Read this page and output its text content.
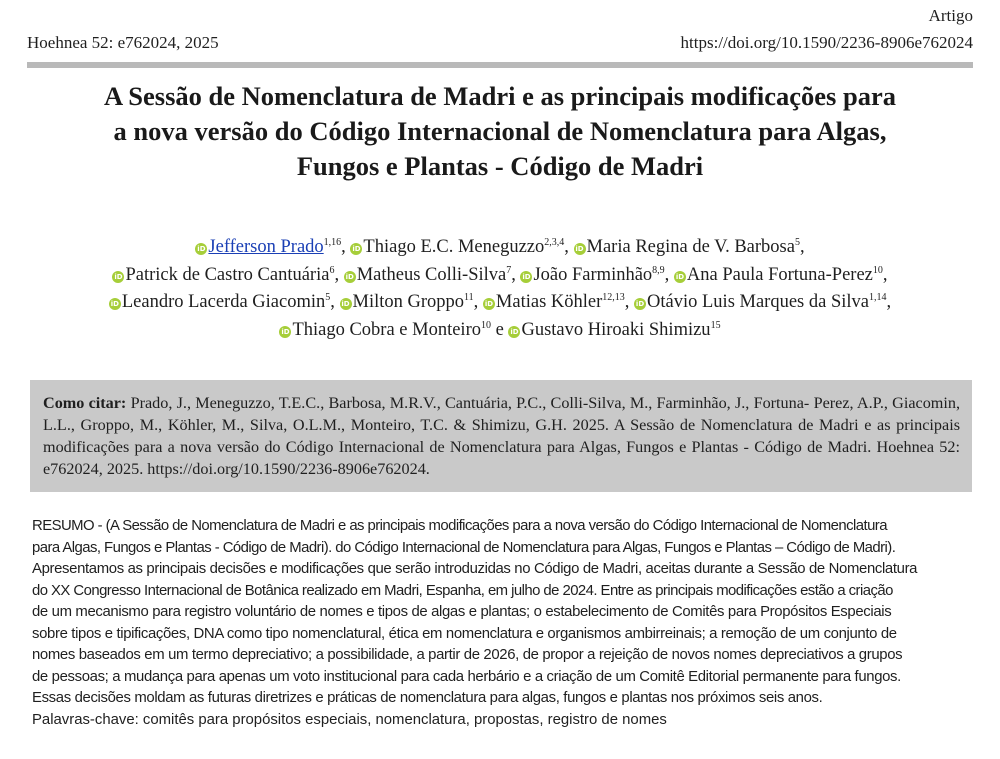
Artigo
Hoehnea 52: e762024, 2025	https://doi.org/10.1590/2236-8906e762024
A Sessão de Nomenclatura de Madri e as principais modificações para
a nova versão do Código Internacional de Nomenclatura para Algas,
Fungos e Plantas - Código de Madri
iD Jefferson Prado$^{1,16}$, iD Thiago E.C. Meneguzzo$^{2,3,4}$, iD Maria Regina de V. Barbosa$^5$,
iD Patrick de Castro Cantuária$^6$, iD Matheus Colli-Silva$^7$, iD João Farminhão$^{8,9}$, iD Ana Paula Fortuna-Perez$^{10}$,
iD Leandro Lacerda Giacomin$^5$, iD Milton Groppo$^{11}$, iD Matias Köhler$^{12,13}$, iD Otávio Luis Marques da Silva$^{1,14}$,
iD Thiago Cobra e Monteiro$^{10}$ e iD Gustavo Hiroaki Shimizu$^{15}$
Como citar: Prado, J., Meneguzzo, T.E.C., Barbosa, M.R.V., Cantuária, P.C., Colli-Silva, M., Farminhão, J., Fortuna- Perez, A.P., Giacomin, L.L., Groppo, M., Köhler, M., Silva, O.L.M., Monteiro, T.C. & Shimizu, G.H. 2025. A Sessão de Nomenclatura de Madri e as principais modificações para a nova versão do Código Internacional de Nomenclatura para Algas, Fungos e Plantas - Código de Madri. Hoehnea 52: e762024, 2025. https://doi.org/10.1590/2236-8906e762024.
RESUMO - (A Sessão de Nomenclatura de Madri e as principais modificações para a nova versão do Código Internacional de Nomenclatura
para Algas, Fungos e Plantas - Código de Madri). do Código Internacional de Nomenclatura para Algas, Fungos e Plantas – Código de Madri).
Apresentamos as principais decisões e modificações que serão introduzidas no Código de Madri, aceitas durante a Sessão de Nomenclatura
do XX Congresso Internacional de Botânica realizado em Madri, Espanha, em julho de 2024. Entre as principais modificações estão a criação
de um mecanismo para registro voluntário de nomes e tipos de algas e plantas; o estabelecimento de Comitês para Propósitos Especiais
sobre tipos e tipificações, DNA como tipo nomenclatural, ética em nomenclatura e organismos ambirreinais; a remoção de um conjunto de
nomes baseados em um termo depreciativo; a possibilidade, a partir de 2026, de propor a rejeição de novos nomes depreciativos a grupos
de pessoas; a mudança para apenas um voto institucional para cada herbário e a criação de um Comitê Editorial permanente para fungos.
Essas decisões moldam as futuras diretrizes e práticas de nomenclatura para algas, fungos e plantas nos próximos seis anos.
Palavras-chave: comitês para propósitos especiais, nomenclatura, propostas, registro de nomes
